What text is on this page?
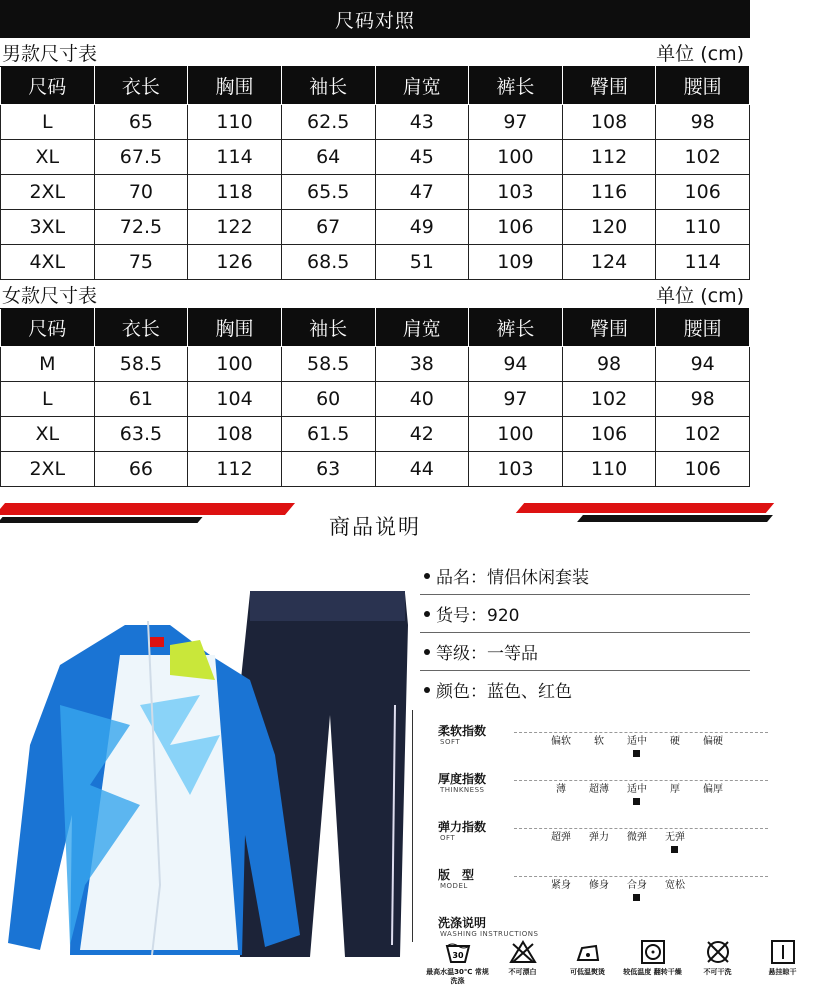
尺码对照
男款尺寸表	单位 (cm)
尺码	衣长	胸围	袖长	肩宽	裤长	臀围	腰围
L	65	110	62.5	43	97	108	98
XL	67.5	114	64	45	100	112	102
2XL	70	118	65.5	47	103	116	106
3XL	72.5	122	67	49	106	120	110
4XL	75	126	68.5	51	109	124	114
女款尺寸表	单位 (cm)
尺码	衣长	胸围	袖长	肩宽	裤长	臀围	腰围
M	58.5	100	58.5	38	94	98	94
L	61	104	60	40	97	102	98
XL	63.5	108	61.5	42	100	106	102
2XL	66	112	63	44	103	110	106
商品说明
品名：情侣休闲套装
货号：920
等级：一等品
颜色：蓝色、红色
柔软指数
SOFT	偏软	软	适中	硬	偏硬
厚度指数
THINKNESS	薄	超薄	适中	厚	偏厚
弹力指数
OFT	超弹	弹力	微弹	无弹
版　型
MODEL	紧身	修身	合身	宽松
洗涤说明
WASHING INSTRUCTIONS
30
最高水温30℃ 常规洗涤
不可漂白	可低温熨烫	较低温度 翻转干燥	不可干洗	悬挂晾干
